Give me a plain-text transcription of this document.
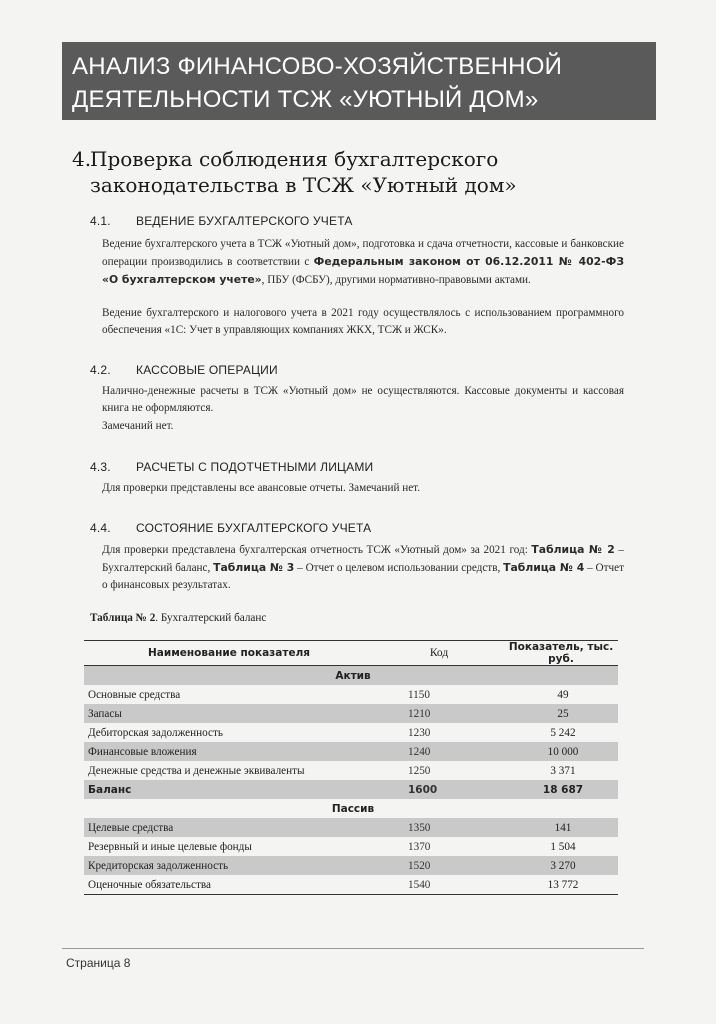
АНАЛИЗ ФИНАНСОВО-ХОЗЯЙСТВЕННОЙ
ДЕЯТЕЛЬНОСТИ ТСЖ «УЮТНЫЙ ДОМ»
4.Проверка соблюдения бухгалтерского
законодательства в ТСЖ «Уютный дом»
4.1. ВЕДЕНИЕ БУХГАЛТЕРСКОГО УЧЕТА
Ведение бухгалтерского учета в ТСЖ «Уютный дом», подготовка и сдача отчетности, кассовые и банковские операции производились в соответствии с Федеральным законом от 06.12.2011 № 402-ФЗ «О бухгалтерском учете», ПБУ (ФСБУ), другими нормативно-правовыми актами.
Ведение бухгалтерского и налогового учета в 2021 году осуществлялось с использованием программного обеспечения «1С: Учет в управляющих компаниях ЖКХ, ТСЖ и ЖСК».
4.2. КАССОВЫЕ ОПЕРАЦИИ
Налично-денежные расчеты в ТСЖ «Уютный дом» не осуществляются. Кассовые документы и кассовая книга не оформляются.
Замечаний нет.
4.3. РАСЧЕТЫ С ПОДОТЧЕТНЫМИ ЛИЦАМИ
Для проверки представлены все авансовые отчеты. Замечаний нет.
4.4. СОСТОЯНИЕ БУХГАЛТЕРСКОГО УЧЕТА
Для проверки представлена бухгалтерская отчетность ТСЖ «Уютный дом» за 2021 год: Таблица № 2 – Бухгалтерский баланс, Таблица № 3 – Отчет о целевом использовании средств, Таблица № 4 – Отчет о финансовых результатах.
Таблица № 2. Бухгалтерский баланс
Наименование показателя	Код	Показатель, тыс. руб.
Актив		
Основные средства	1150	49
Запасы	1210	25
Дебиторская задолженность	1230	5 242
Финансовые вложения	1240	10 000
Денежные средства и денежные эквиваленты	1250	3 371
Баланс	1600	18 687
Пассив		
Целевые средства	1350	141
Резервный и иные целевые фонды	1370	1 504
Кредиторская задолженность	1520	3 270
Оценочные обязательства	1540	13 772
Страница 8
